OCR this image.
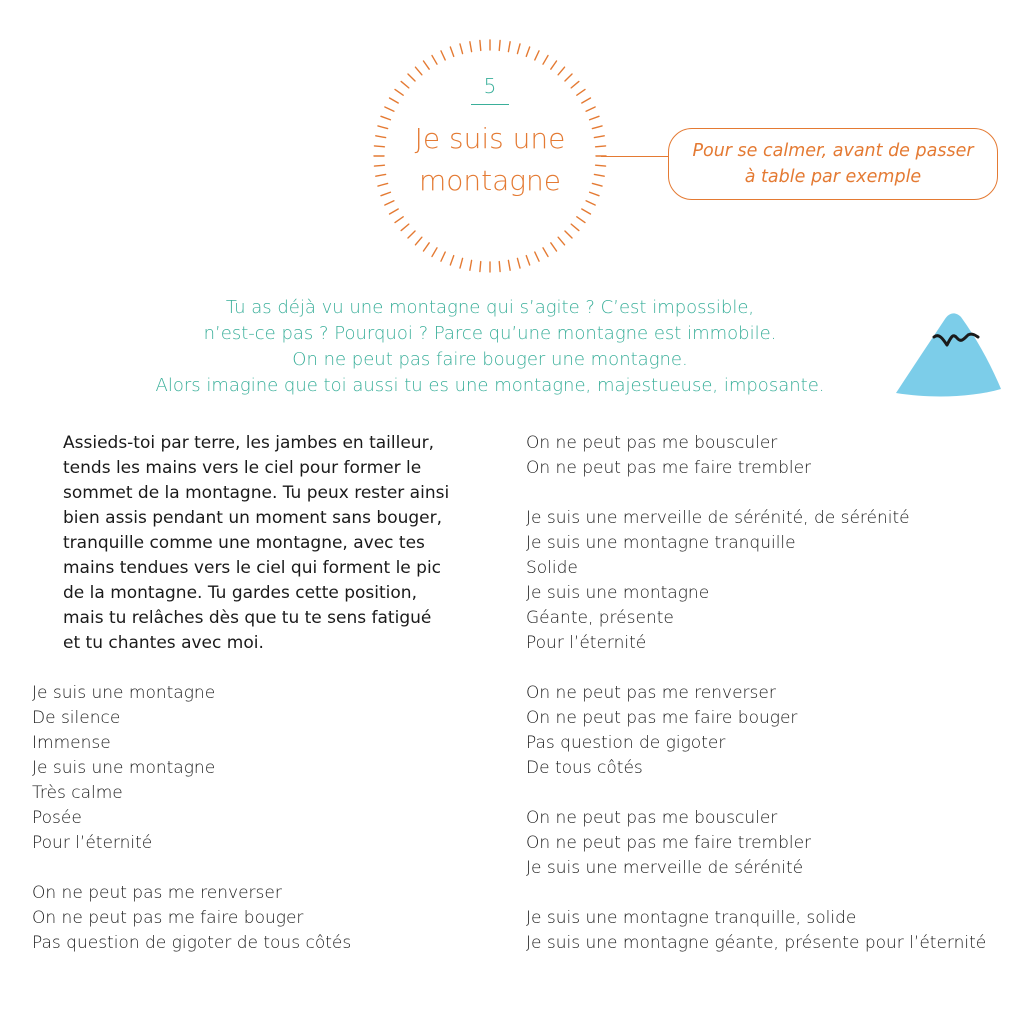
5
Je suis une
montagne
Pour se calmer, avant de passer
à table par exemple
Tu as déjà vu une montagne qui s’agite ? C’est impossible,
n’est-ce pas ? Pourquoi ? Parce qu’une montagne est immobile.
On ne peut pas faire bouger une montagne.
Alors imagine que toi aussi tu es une montagne, majestueuse, imposante.
Assieds-toi par terre, les jambes en tailleur,
tends les mains vers le ciel pour former le
sommet de la montagne. Tu peux rester ainsi
bien assis pendant un moment sans bouger,
tranquille comme une montagne, avec tes
mains tendues vers le ciel qui forment le pic
de la montagne. Tu gardes cette position,
mais tu relâches dès que tu te sens fatigué
et tu chantes avec moi.
Je suis une montagne
De silence
Immense
Je suis une montagne
Très calme
Posée
Pour l’éternité
On ne peut pas me renverser
On ne peut pas me faire bouger
Pas question de gigoter de tous côtés
On ne peut pas me bousculer
On ne peut pas me faire trembler
Je suis une merveille de sérénité, de sérénité
Je suis une montagne tranquille
Solide
Je suis une montagne
Géante, présente
Pour l’éternité
On ne peut pas me renverser
On ne peut pas me faire bouger
Pas question de gigoter
De tous côtés
On ne peut pas me bousculer
On ne peut pas me faire trembler
Je suis une merveille de sérénité
Je suis une montagne tranquille, solide
Je suis une montagne géante, présente pour l’éternité
